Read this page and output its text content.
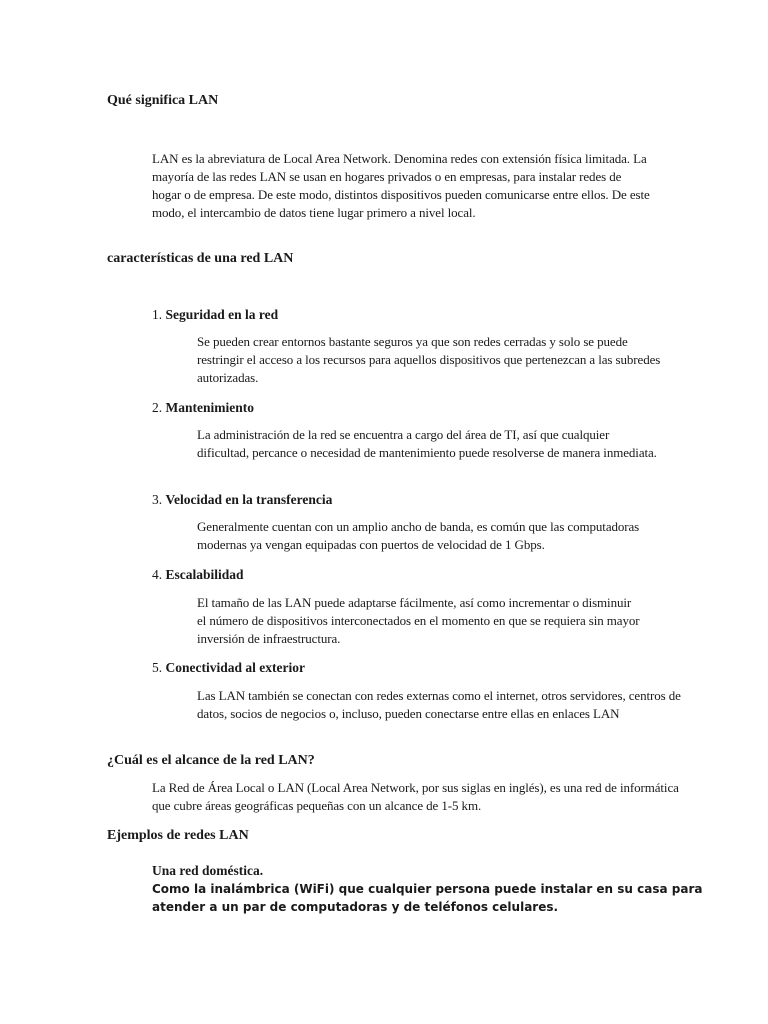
Qué significa LAN

LAN es la abreviatura de Local Area Network. Denomina redes con extensión física limitada. La mayoría de las redes LAN se usan en hogares privados o en empresas, para instalar redes de hogar o de empresa. De este modo, distintos dispositivos pueden comunicarse entre ellos. De este modo, el intercambio de datos tiene lugar primero a nivel local.

características de una red LAN

1. Seguridad en la red

Se pueden crear entornos bastante seguros ya que son redes cerradas y solo se puede restringir el acceso a los recursos para aquellos dispositivos que pertenezcan a las subredes autorizadas.

2. Mantenimiento

La administración de la red se encuentra a cargo del área de TI, así que cualquier dificultad, percance o necesidad de mantenimiento puede resolverse de manera inmediata.

3. Velocidad en la transferencia

Generalmente cuentan con un amplio ancho de banda, es común que las computadoras modernas ya vengan equipadas con puertos de velocidad de 1 Gbps.

4. Escalabilidad

El tamaño de las LAN puede adaptarse fácilmente, así como incrementar o disminuir el número de dispositivos interconectados en el momento en que se requiera sin mayor inversión de infraestructura.

5. Conectividad al exterior

Las LAN también se conectan con redes externas como el internet, otros servidores, centros de datos, socios de negocios o, incluso, pueden conectarse entre ellas en enlaces LAN

¿Cuál es el alcance de la red LAN?

La Red de Área Local o LAN (Local Area Network, por sus siglas en inglés), es una red de informática que cubre áreas geográficas pequeñas con un alcance de 1-5 km.

Ejemplos de redes LAN

Una red doméstica.

Como la inalámbrica (WiFi) que cualquier persona puede instalar en su casa para atender a un par de computadoras y de teléfonos celulares.
